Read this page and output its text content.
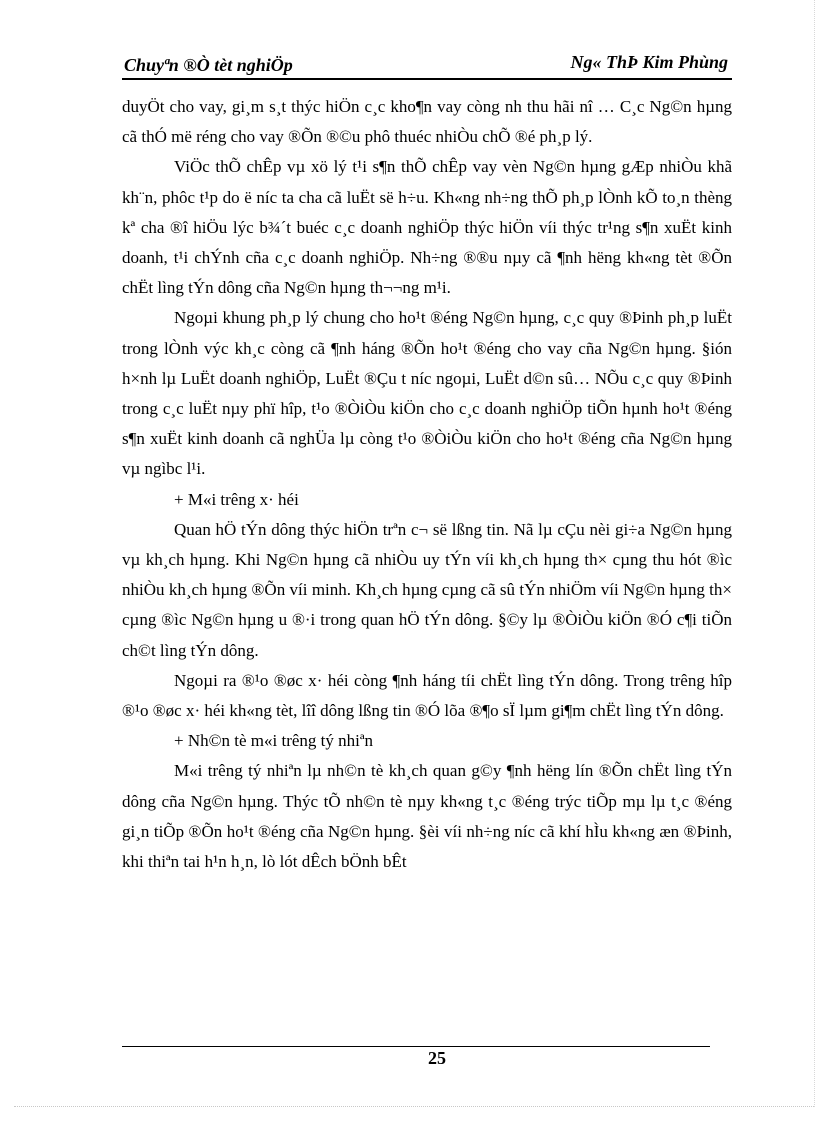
Chuyªn ®Ò tèt nghiÖp	Ng« ThÞ Kim Phùng

duyÖt cho vay, gi¸m s¸t thýc hiÖn c¸c kho¶n vay còng nh thu hãi nî … C¸c Ng©n hµng cã thÓ më réng cho vay ®Õn ®©u phô thuéc nhiÒu chÕ ®é ph¸p lý.

ViÖc thÕ chÊp vµ xö lý t¹i s¶n thÕ chÊp vay vèn Ng©n hµng gÆp nhiÒu khã kh¨n, phôc t¹p do ë níc ta cha cã luËt së h÷u. Kh«ng nh÷ng thÕ ph¸p lÒnh kÕ to¸n thèng kª cha ®î hiÖu lýc b¾´t buéc c¸c doanh nghiÖp thýc hiÖn víi thýc tr¹ng s¶n xuËt kinh doanh, t¹i chÝnh cña c¸c doanh nghiÖp. Nh÷ng ®®u nµy cã ¶nh hëng kh«ng tèt ®Õn chËt lìng tÝn dông cña Ng©n hµng th¬¬ng m¹i.

Ngoµi khung ph¸p lý chung cho ho¹t ®éng Ng©n hµng, c¸c quy ®Þinh ph¸p luËt trong lÒnh výc kh¸c còng cã ¶nh háng ®Õn ho¹t ®éng cho vay cña Ng©n hµng. §ión h×nh lµ LuËt doanh nghiÖp, LuËt ®Çu t níc ngoµi, LuËt d©n sû… NÕu c¸c quy ®Þinh trong c¸c luËt nµy phï hîp, t¹o ®ÒiÒu kiÖn cho c¸c doanh nghiÖp tiÕn hµnh ho¹t ®éng s¶n xuËt kinh doanh cã nghÜa lµ còng t¹o ®ÒiÒu kiÖn cho ho¹t ®éng cña Ng©n hµng vµ ngìbc l¹i.

+ M«i trêng x· héi

Quan hÖ tÝn dông thýc hiÖn trªn c¬ së lßng tin. Nã lµ cÇu nèi gi÷a Ng©n hµng vµ kh¸ch hµng. Khi Ng©n hµng cã nhiÒu uy tÝn víi kh¸ch hµng th× cµng thu hót ®ìc nhiÒu kh¸ch hµng ®Õn víi minh. Kh¸ch hµng cµng cã sû tÝn nhiÖm víi Ng©n hµng th× cµng ®ìc Ng©n hµng u ®·i trong quan hÖ tÝn dông. §©y lµ ®ÒiÒu kiÖn ®Ó c¶i tiÕn ch©t lìng tÝn dông.

Ngoµi ra ®¹o ®øc x· héi còng ¶nh háng tíi chËt lìng tÝn dông. Trong trêng hîp ®¹o ®øc x· héi kh«ng tèt, lîî dông lßng tin ®Ó lõa ®¶o sÏ lµm gi¶m chËt lìng tÝn dông.

+ Nh©n tè m«i trêng tý nhiªn

M«i trêng tý nhiªn lµ nh©n tè kh¸ch quan g©y ¶nh hëng lín ®Õn chËt lìng tÝn dông cña Ng©n hµng. Thýc tÕ nh©n tè nµy kh«ng t¸c ®éng trýc tiÕp mµ lµ t¸c ®éng gi¸n tiÕp ®Õn ho¹t ®éng cña Ng©n hµng. §èi víi nh÷ng níc cã khí hÌu kh«ng æn ®Þinh, khi thiªn tai h¹n h¸n, lò lót dÊch bÖnh bÊt

25
